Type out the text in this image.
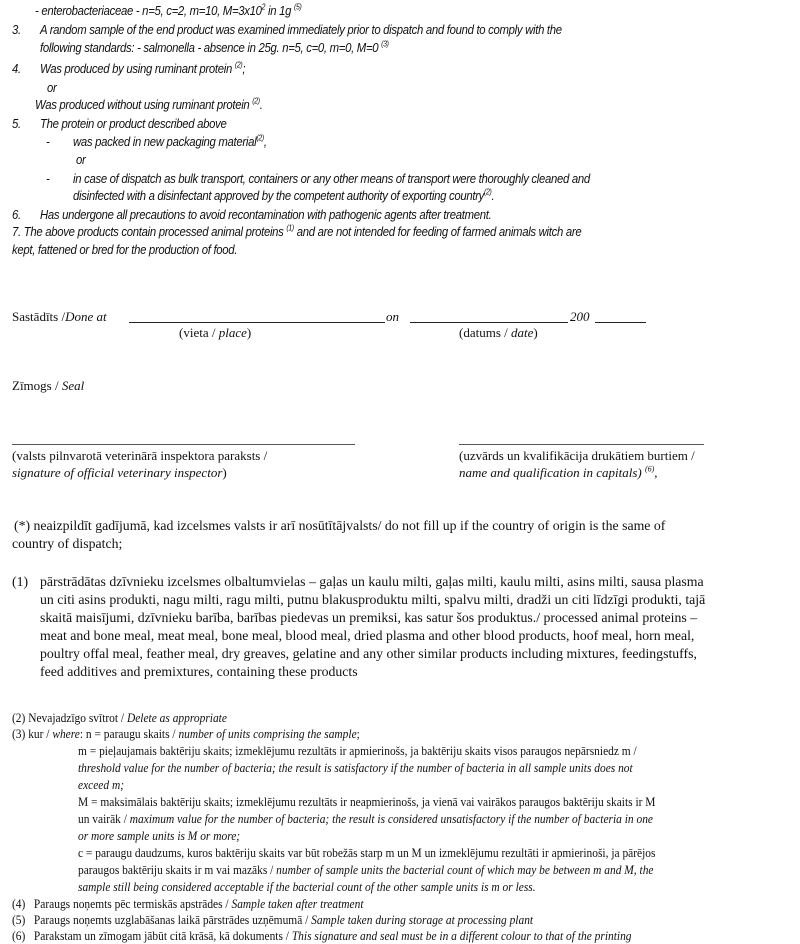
- enterobacteriaceae - n=5, c=2, m=10, $M=3x10^2$ in 1g $^{(5)}$
3. A random sample of the end product was examined immediately prior to dispatch and found to comply with the
following standards: - salmonella - absence in 25g. n=5, c=0, m=0, M=0 $^{(3)}$
4. Was produced by using ruminant protein $^{(2)}$;
or
Was produced without using ruminant protein $^{(2)}$.
5. The protein or product described above
- was packed in new packaging material$^{(2)}$,
or
- in case of dispatch as bulk transport, containers or any other means of transport were thoroughly cleaned and
disinfected with a disinfectant approved by the competent authority of exporting country$^{(2)}$.
6. Has undergone all precautions to avoid recontamination with pathogenic agents after treatment.
7. The above products contain processed animal proteins $^{(1)}$ and are not intended for feeding of farmed animals witch are
kept, fattened or bred for the production of food.
Sastādīts /Done at	on	200
(vieta / place)	(datums / date)
Zīmogs / Seal
(valsts pilnvarotā veterinārā inspektora paraksts /
signature of official veterinary inspector)
(uzvārds un kvalifikācija drukātiem burtiem /
name and qualification in capitals) $^{(6)}$,
(*) neaizpildīt gadījumā, kad izcelsmes valsts ir arī nosūtītājvalsts/ do not fill up if the country of origin is the same of
country of dispatch;
(1) pārstrādātas dzīvnieku izcelsmes olbaltumvielas – gaļas un kaulu milti, gaļas milti, kaulu milti, asins milti, sausa plasma
un citi asins produkti, nagu milti, ragu milti, putnu blakusproduktu milti, spalvu milti, dradži un citi līdzīgi produkti, tajā
skaitā maisījumi, dzīvnieku barība, barības piedevas un premiksi, kas satur šos produktus./ processed animal proteins –
meat and bone meal, meat meal, bone meal, blood meal, dried plasma and other blood products, hoof meal, horn meal,
poultry offal meal, feather meal, dry greaves, gelatine and any other similar products including mixtures, feedingstuffs,
feed additives and premixtures, containing these products
(2) Nevajadzīgo svītrot / Delete as appropriate
(3) kur / where: n = paraugu skaits / number of units comprising the sample;
m = pieļaujamais baktēriju skaits; izmeklējumu rezultāts ir apmierinošs, ja baktēriju skaits visos paraugos nepārsniedz m /
threshold value for the number of bacteria; the result is satisfactory if the number of bacteria in all sample units does not
exceed m;
M = maksimālais baktēriju skaits; izmeklējumu rezultāts ir neapmierinošs, ja vienā vai vairākos paraugos baktēriju skaits ir M
un vairāk / maximum value for the number of bacteria; the result is considered unsatisfactory if the number of bacteria in one
or more sample units is M or more;
c = paraugu daudzums, kuros baktēriju skaits var būt robežās starp m un M un izmeklējumu rezultāti ir apmierinoši, ja pārējos
paraugos baktēriju skaits ir m vai mazāks / number of sample units the bacterial count of which may be between m and M, the
sample still being considered acceptable if the bacterial count of the other sample units is m or less.
(4) Paraugs noņemts pēc termiskās apstrādes / Sample taken after treatment
(5) Paraugs noņemts uzglabāšanas laikā pārstrādes uzņēmumā / Sample taken during storage at processing plant
(6) Parakstam un zīmogam jābūt citā krāsā, kā dokuments / This signature and seal must be in a different colour to that of the printing
